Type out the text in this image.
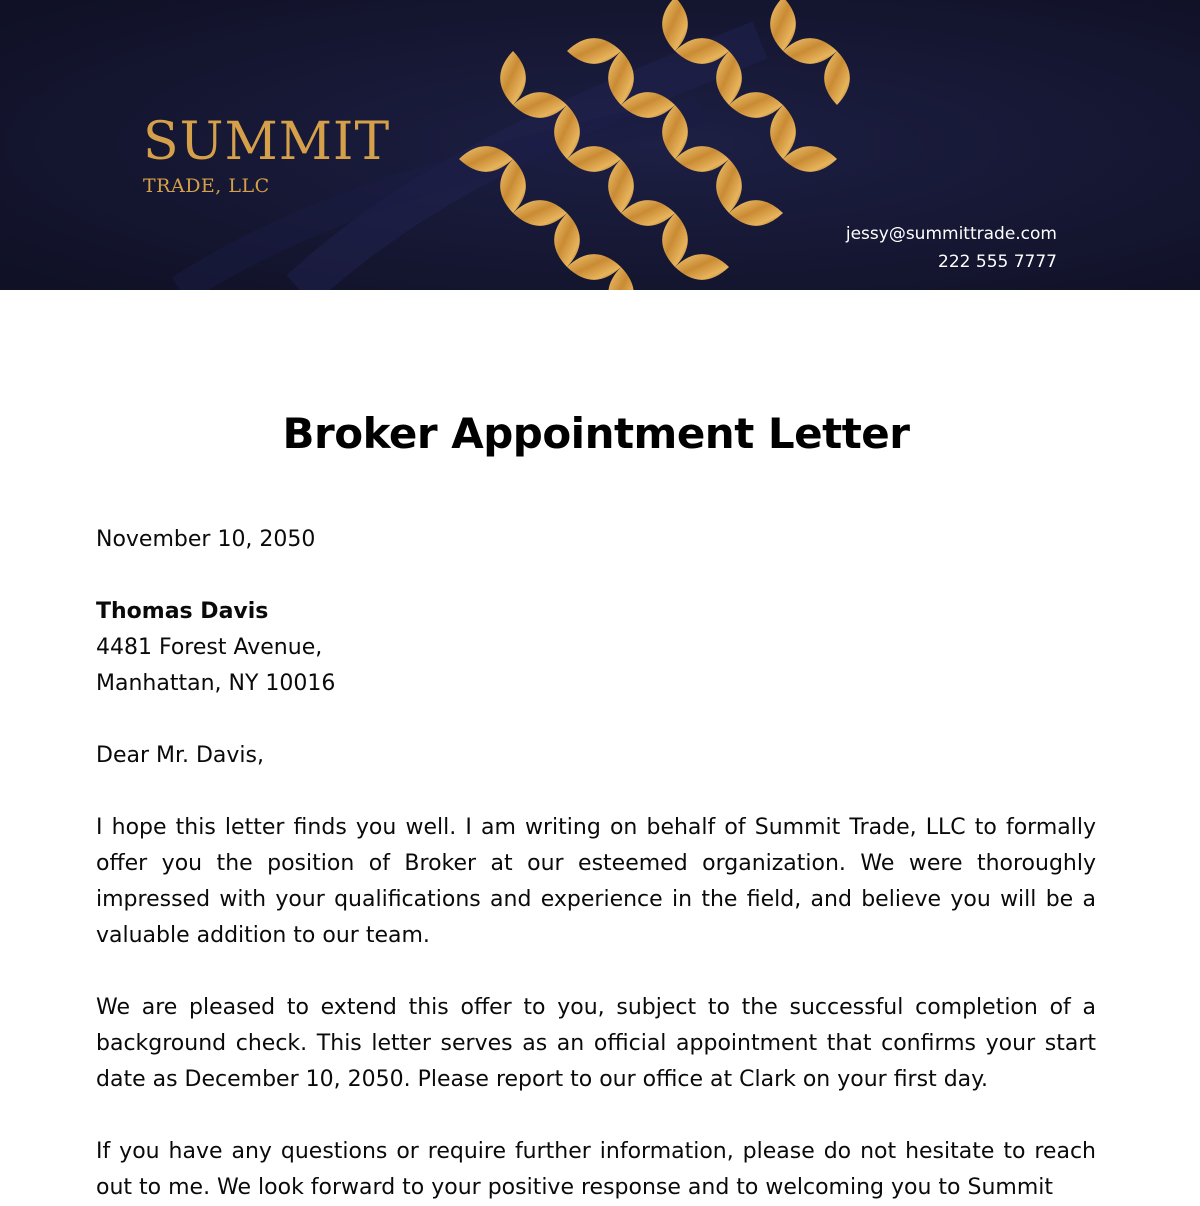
SUMMIT

TRADE, LLC

jessy@summittrade.com
222 555 7777
Broker Appointment Letter

November 10, 2050

Thomas Davis
4481 Forest Avenue,
Manhattan, NY 10016

Dear Mr. Davis,

I hope this letter finds you well. I am writing on behalf of Summit Trade, LLC to formally offer you the position of Broker at our esteemed organization. We were thoroughly impressed with your qualifications and experience in the field, and believe you will be a valuable addition to our team.

We are pleased to extend this offer to you, subject to the successful completion of a background check. This letter serves as an official appointment that confirms your start date as December 10, 2050. Please report to our office at Clark on your first day.

If you have any questions or require further information, please do not hesitate to reach out to me. We look forward to your positive response and to welcoming you to Summit
